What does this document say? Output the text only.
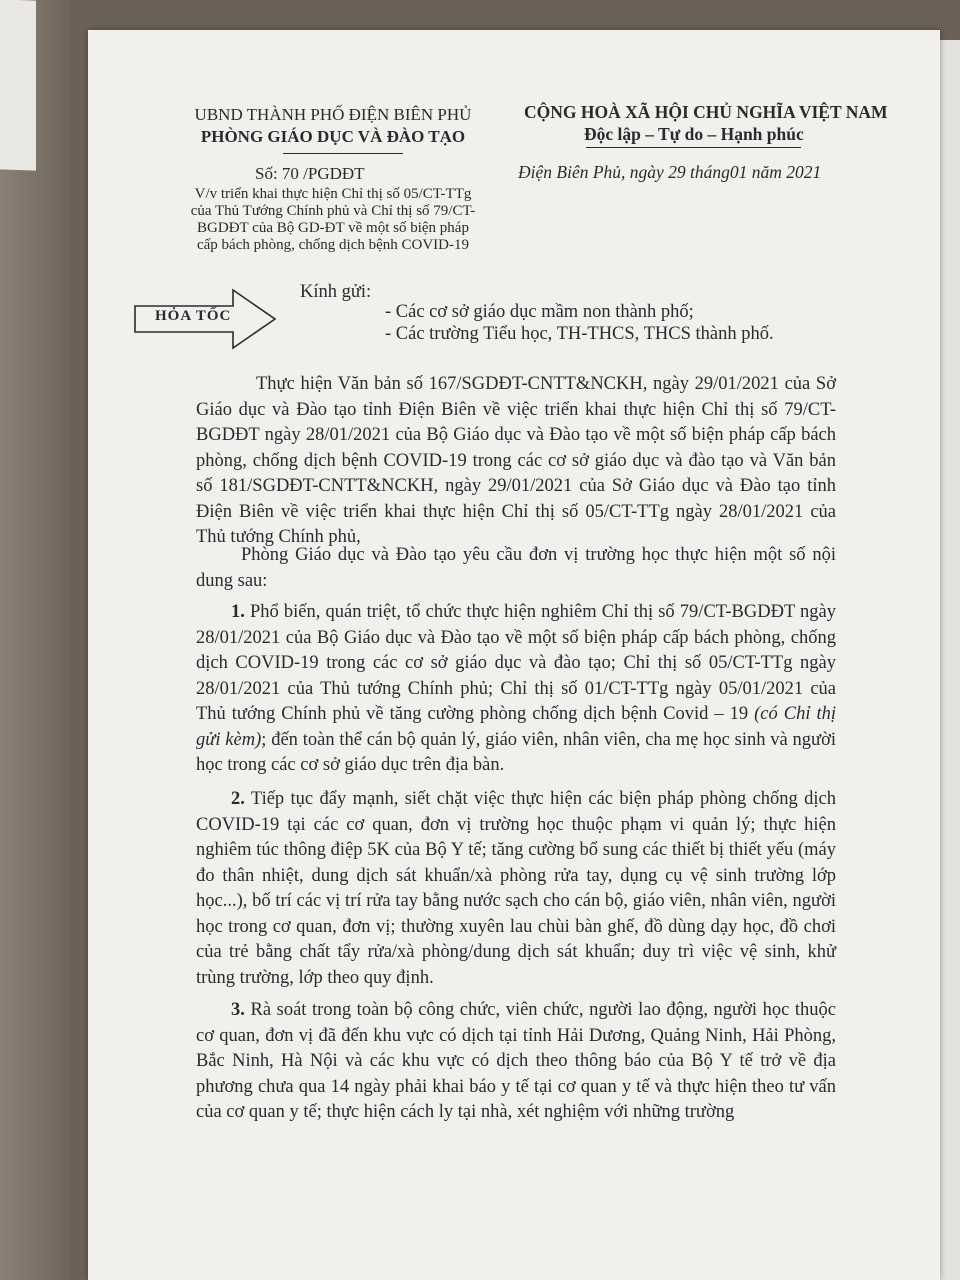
UBND THÀNH PHỐ ĐIỆN BIÊN PHỦ
PHÒNG GIÁO DỤC VÀ ĐÀO TẠO
Số: 70 /PGDĐT
V/v triển khai thực hiện Chỉ thị số 05/CT-TTg
của Thủ Tướng Chính phủ và Chỉ thị số 79/CT-
BGDĐT của Bộ GD-ĐT về một số biện pháp
cấp bách phòng, chống dịch bệnh COVID-19
CỘNG HOÀ XÃ HỘI CHỦ NGHĨA VIỆT NAM
Độc lập – Tự do – Hạnh phúc
Điện Biên Phủ, ngày 29 tháng01 năm 2021
HỎA TỐC
Kính gửi:
- Các cơ sở giáo dục mầm non thành phố;
- Các trường Tiểu học, TH-THCS, THCS thành phố.
Thực hiện Văn bản số 167/SGDĐT-CNTT&NCKH, ngày 29/01/2021 của Sở Giáo dục và Đào tạo tỉnh Điện Biên về việc triển khai thực hiện Chỉ thị số 79/CT-BGDĐT ngày 28/01/2021 của Bộ Giáo dục và Đào tạo về một số biện pháp cấp bách phòng, chống dịch bệnh COVID-19 trong các cơ sở giáo dục và đào tạo và Văn bản số 181/SGDĐT-CNTT&NCKH, ngày 29/01/2021 của Sở Giáo dục và Đào tạo tỉnh Điện Biên về việc triển khai thực hiện Chỉ thị số 05/CT-TTg ngày 28/01/2021 của Thủ tướng Chính phủ,
Phòng Giáo dục và Đào tạo yêu cầu đơn vị trường học thực hiện một số nội dung sau:
1. Phổ biến, quán triệt, tổ chức thực hiện nghiêm Chỉ thị số 79/CT-BGDĐT ngày 28/01/2021 của Bộ Giáo dục và Đào tạo về một số biện pháp cấp bách phòng, chống dịch COVID-19 trong các cơ sở giáo dục và đào tạo; Chỉ thị số 05/CT-TTg ngày 28/01/2021 của Thủ tướng Chính phủ; Chỉ thị số 01/CT-TTg ngày 05/01/2021 của Thủ tướng Chính phủ về tăng cường phòng chống dịch bệnh Covid – 19 (có Chỉ thị gửi kèm); đến toàn thể cán bộ quản lý, giáo viên, nhân viên, cha mẹ học sinh và người học trong các cơ sở giáo dục trên địa bàn.
2. Tiếp tục đẩy mạnh, siết chặt việc thực hiện các biện pháp phòng chống dịch COVID-19 tại các cơ quan, đơn vị trường học thuộc phạm vi quản lý; thực hiện nghiêm túc thông điệp 5K của Bộ Y tế; tăng cường bổ sung các thiết bị thiết yếu (máy đo thân nhiệt, dung dịch sát khuẩn/xà phòng rửa tay, dụng cụ vệ sinh trường lớp học...), bố trí các vị trí rửa tay bằng nước sạch cho cán bộ, giáo viên, nhân viên, người học trong cơ quan, đơn vị; thường xuyên lau chùi bàn ghế, đồ dùng dạy học, đồ chơi của trẻ bằng chất tẩy rửa/xà phòng/dung dịch sát khuẩn; duy trì việc vệ sinh, khử trùng trường, lớp theo quy định.
3. Rà soát trong toàn bộ công chức, viên chức, người lao động, người học thuộc cơ quan, đơn vị đã đến khu vực có dịch tại tỉnh Hải Dương, Quảng Ninh, Hải Phòng, Bắc Ninh, Hà Nội và các khu vực có dịch theo thông báo của Bộ Y tế trở về địa phương chưa qua 14 ngày phải khai báo y tế tại cơ quan y tế và thực hiện theo tư vấn của cơ quan y tế; thực hiện cách ly tại nhà, xét nghiệm với những trường
